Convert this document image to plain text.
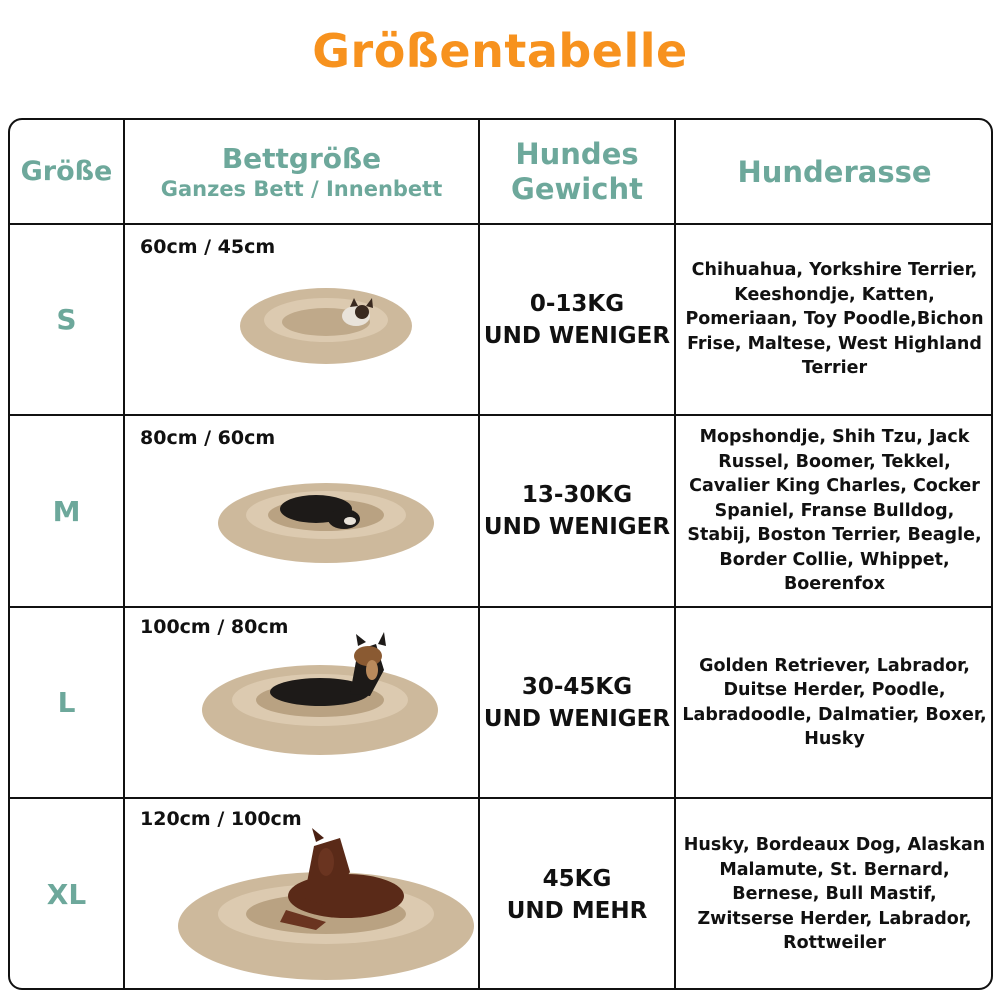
Größentabelle
Größe	Bettgröße
Ganzes Bett / Innenbett
Hundes
Gewicht	Hunderasse
S
60cm / 45cm
0-13KG
UND WENIGER
Chihuahua, Yorkshire Terrier, Keeshondje, Katten, Pomeriaan, Toy Poodle,Bichon Frise, Maltese, West Highland Terrier
M
80cm / 60cm
13-30KG
UND WENIGER
Mopshondje, Shih Tzu, Jack Russel, Boomer, Tekkel, Cavalier King Charles, Cocker Spaniel, Franse Bulldog, Stabij, Boston Terrier, Beagle, Border Collie, Whippet, Boerenfox
L
100cm / 80cm
30-45KG
UND WENIGER
Golden Retriever, Labrador, Duitse Herder, Poodle, Labradoodle, Dalmatier, Boxer, Husky
XL
120cm / 100cm
45KG
UND MEHR
Husky, Bordeaux Dog, Alaskan Malamute, St. Bernard, Bernese, Bull Mastif, Zwitserse Herder, Labrador, Rottweiler
